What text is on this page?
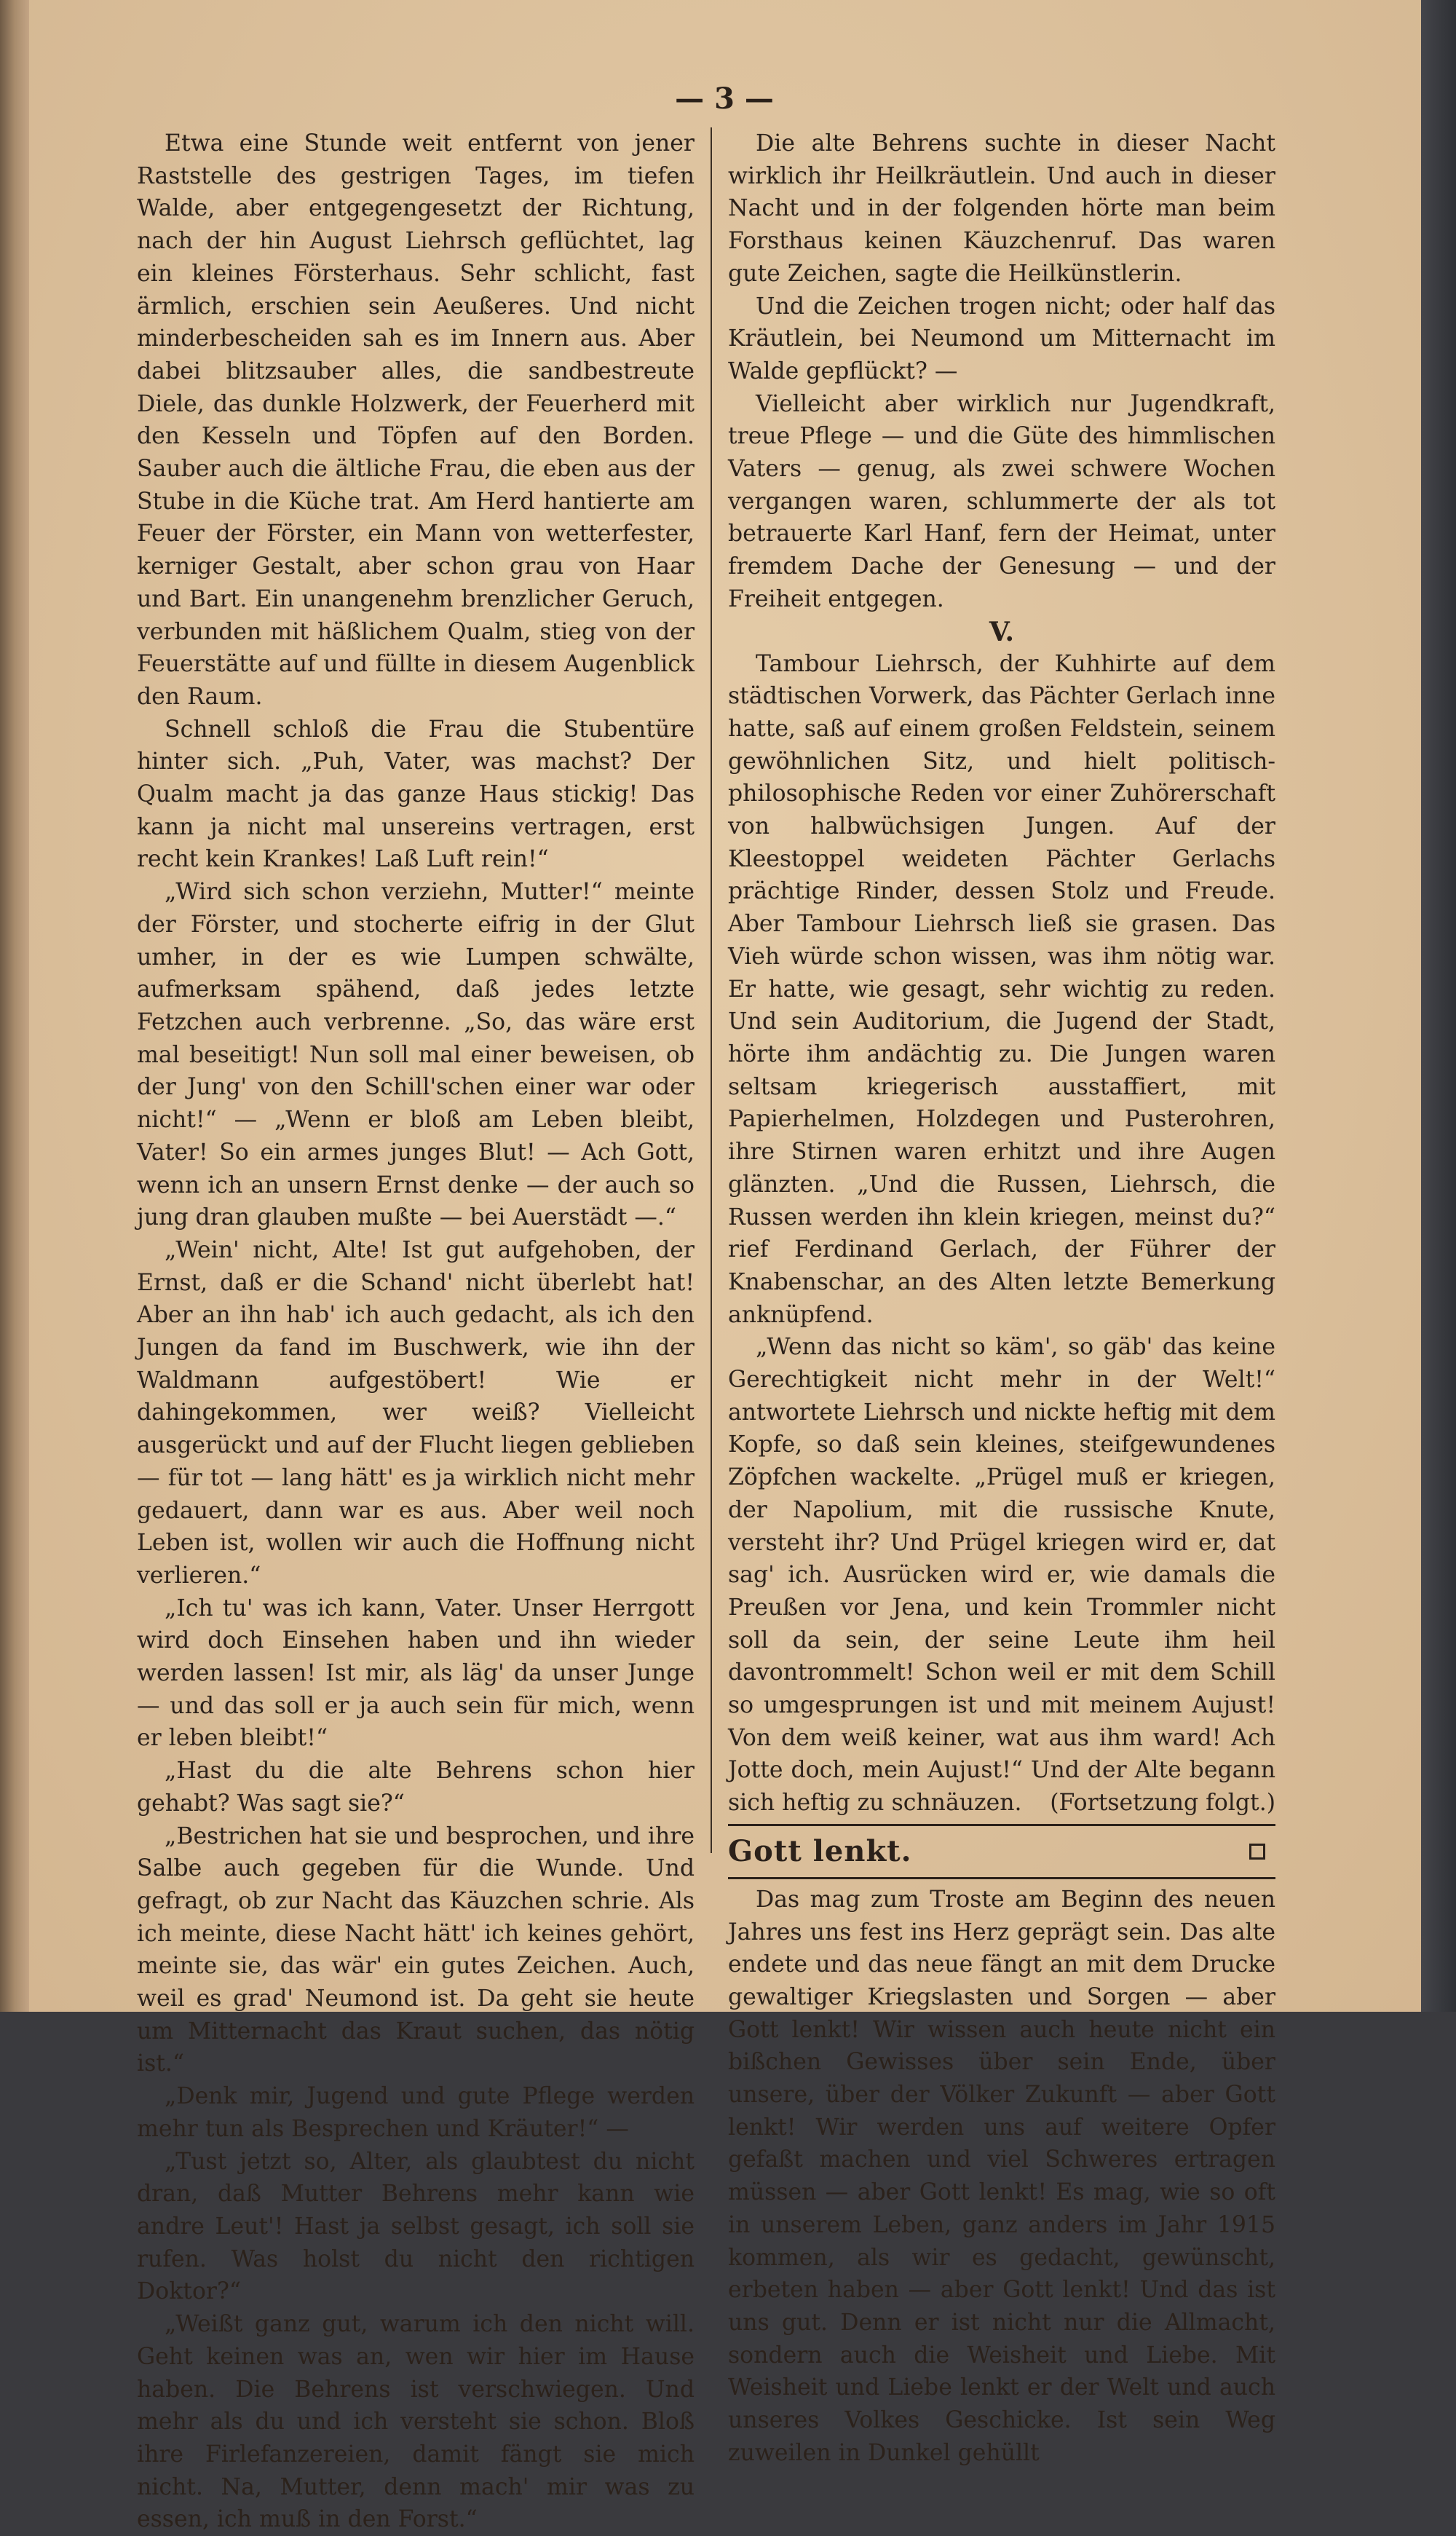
— 3 —

Etwa eine Stunde weit entfernt von jener Raststelle des gestrigen Tages, im tiefen Walde, aber entgegengesetzt der Richtung, nach der hin August Liehrsch geflüchtet, lag ein kleines Försterhaus. Sehr schlicht, fast ärmlich, erschien sein Aeußeres. Und nicht minderbescheiden sah es im Innern aus. Aber dabei blitzsauber alles, die sandbestreute Diele, das dunkle Holzwerk, der Feuerherd mit den Kesseln und Töpfen auf den Borden. Sauber auch die ältliche Frau, die eben aus der Stube in die Küche trat. Am Herd hantierte am Feuer der Förster, ein Mann von wetterfester, kerniger Gestalt, aber schon grau von Haar und Bart. Ein unangenehm brenzlicher Geruch, verbunden mit häßlichem Qualm, stieg von der Feuerstätte auf und füllte in diesem Augenblick den Raum.

Schnell schloß die Frau die Stubentüre hinter sich. „Puh, Vater, was machst? Der Qualm macht ja das ganze Haus stickig! Das kann ja nicht mal unsereins vertragen, erst recht kein Krankes! Laß Luft rein!“

„Wird sich schon verziehn, Mutter!“ meinte der Förster, und stocherte eifrig in der Glut umher, in der es wie Lumpen schwälte, aufmerksam spähend, daß jedes letzte Fetzchen auch verbrenne. „So, das wäre erst mal beseitigt! Nun soll mal einer beweisen, ob der Jung' von den Schill'schen einer war oder nicht!“ — „Wenn er bloß am Leben bleibt, Vater! So ein armes junges Blut! — Ach Gott, wenn ich an unsern Ernst denke — der auch so jung dran glauben mußte — bei Auerstädt —.“

„Wein' nicht, Alte! Ist gut aufgehoben, der Ernst, daß er die Schand' nicht überlebt hat! Aber an ihn hab' ich auch gedacht, als ich den Jungen da fand im Buschwerk, wie ihn der Waldmann aufgestöbert! Wie er dahingekommen, wer weiß? Vielleicht ausgerückt und auf der Flucht liegen geblieben — für tot — lang hätt' es ja wirklich nicht mehr gedauert, dann war es aus. Aber weil noch Leben ist, wollen wir auch die Hoffnung nicht verlieren.“

„Ich tu' was ich kann, Vater. Unser Herrgott wird doch Einsehen haben und ihn wieder werden lassen! Ist mir, als läg' da unser Junge — und das soll er ja auch sein für mich, wenn er leben bleibt!“

„Hast du die alte Behrens schon hier gehabt? Was sagt sie?“

„Bestrichen hat sie und besprochen, und ihre Salbe auch gegeben für die Wunde. Und gefragt, ob zur Nacht das Käuzchen schrie. Als ich meinte, diese Nacht hätt' ich keines gehört, meinte sie, das wär' ein gutes Zeichen. Auch, weil es grad' Neumond ist. Da geht sie heute um Mitternacht das Kraut suchen, das nötig ist.“

„Denk mir, Jugend und gute Pflege werden mehr tun als Besprechen und Kräuter!“ —

„Tust jetzt so, Alter, als glaubtest du nicht dran, daß Mutter Behrens mehr kann wie andre Leut'! Hast ja selbst gesagt, ich soll sie rufen. Was holst du nicht den richtigen Doktor?“

„Weißt ganz gut, warum ich den nicht will. Geht keinen was an, wen wir hier im Hause haben. Die Behrens ist verschwiegen. Und mehr als du und ich versteht sie schon. Bloß ihre Firlefanzereien, damit fängt sie mich nicht. Na, Mutter, denn mach' mir was zu essen, ich muß in den Forst.“

Die alte Behrens suchte in dieser Nacht wirklich ihr Heilkräutlein. Und auch in dieser Nacht und in der folgenden hörte man beim Forsthaus keinen Käuzchenruf. Das waren gute Zeichen, sagte die Heilkünstlerin.

Und die Zeichen trogen nicht; oder half das Kräutlein, bei Neumond um Mitternacht im Walde gepflückt? —

Vielleicht aber wirklich nur Jugendkraft, treue Pflege — und die Güte des himmlischen Vaters — genug, als zwei schwere Wochen vergangen waren, schlummerte der als tot betrauerte Karl Hanf, fern der Heimat, unter fremdem Dache der Genesung — und der Freiheit entgegen.

V.

Tambour Liehrsch, der Kuhhirte auf dem städtischen Vorwerk, das Pächter Gerlach inne hatte, saß auf einem großen Feldstein, seinem gewöhnlichen Sitz, und hielt politisch-philosophische Reden vor einer Zuhörerschaft von halbwüchsigen Jungen. Auf der Kleestoppel weideten Pächter Gerlachs prächtige Rinder, dessen Stolz und Freude. Aber Tambour Liehrsch ließ sie grasen. Das Vieh würde schon wissen, was ihm nötig war. Er hatte, wie gesagt, sehr wichtig zu reden. Und sein Auditorium, die Jugend der Stadt, hörte ihm andächtig zu. Die Jungen waren seltsam kriegerisch ausstaffiert, mit Papierhelmen, Holzdegen und Pusterohren, ihre Stirnen waren erhitzt und ihre Augen glänzten. „Und die Russen, Liehrsch, die Russen werden ihn klein kriegen, meinst du?“ rief Ferdinand Gerlach, der Führer der Knabenschar, an des Alten letzte Bemerkung anknüpfend.

„Wenn das nicht so käm', so gäb' das keine Gerechtigkeit nicht mehr in der Welt!“ antwortete Liehrsch und nickte heftig mit dem Kopfe, so daß sein kleines, steifgewundenes Zöpfchen wackelte. „Prügel muß er kriegen, der Napolium, mit die russische Knute, versteht ihr? Und Prügel kriegen wird er, dat sag' ich. Ausrücken wird er, wie damals die Preußen vor Jena, und kein Trommler nicht soll da sein, der seine Leute ihm heil davontrommelt! Schon weil er mit dem Schill so umgesprungen ist und mit meinem Aujust! Von dem weiß keiner, wat aus ihm ward! Ach Jotte doch, mein Aujust!“ Und der Alte begann sich heftig zu schnäuzen.	(Fortsetzung folgt.)

Gott lenkt.

Das mag zum Troste am Beginn des neuen Jahres uns fest ins Herz geprägt sein. Das alte endete und das neue fängt an mit dem Drucke gewaltiger Kriegslasten und Sorgen — aber Gott lenkt! Wir wissen auch heute nicht ein bißchen Gewisses über sein Ende, über unsere, über der Völker Zukunft — aber Gott lenkt! Wir werden uns auf weitere Opfer gefaßt machen und viel Schweres ertragen müssen — aber Gott lenkt! Es mag, wie so oft in unserem Leben, ganz anders im Jahr 1915 kommen, als wir es gedacht, gewünscht, erbeten haben — aber Gott lenkt! Und das ist uns gut. Denn er ist nicht nur die Allmacht, sondern auch die Weisheit und Liebe. Mit Weisheit und Liebe lenkt er der Welt und auch unseres Volkes Geschicke. Ist sein Weg zuweilen in Dunkel gehüllt
